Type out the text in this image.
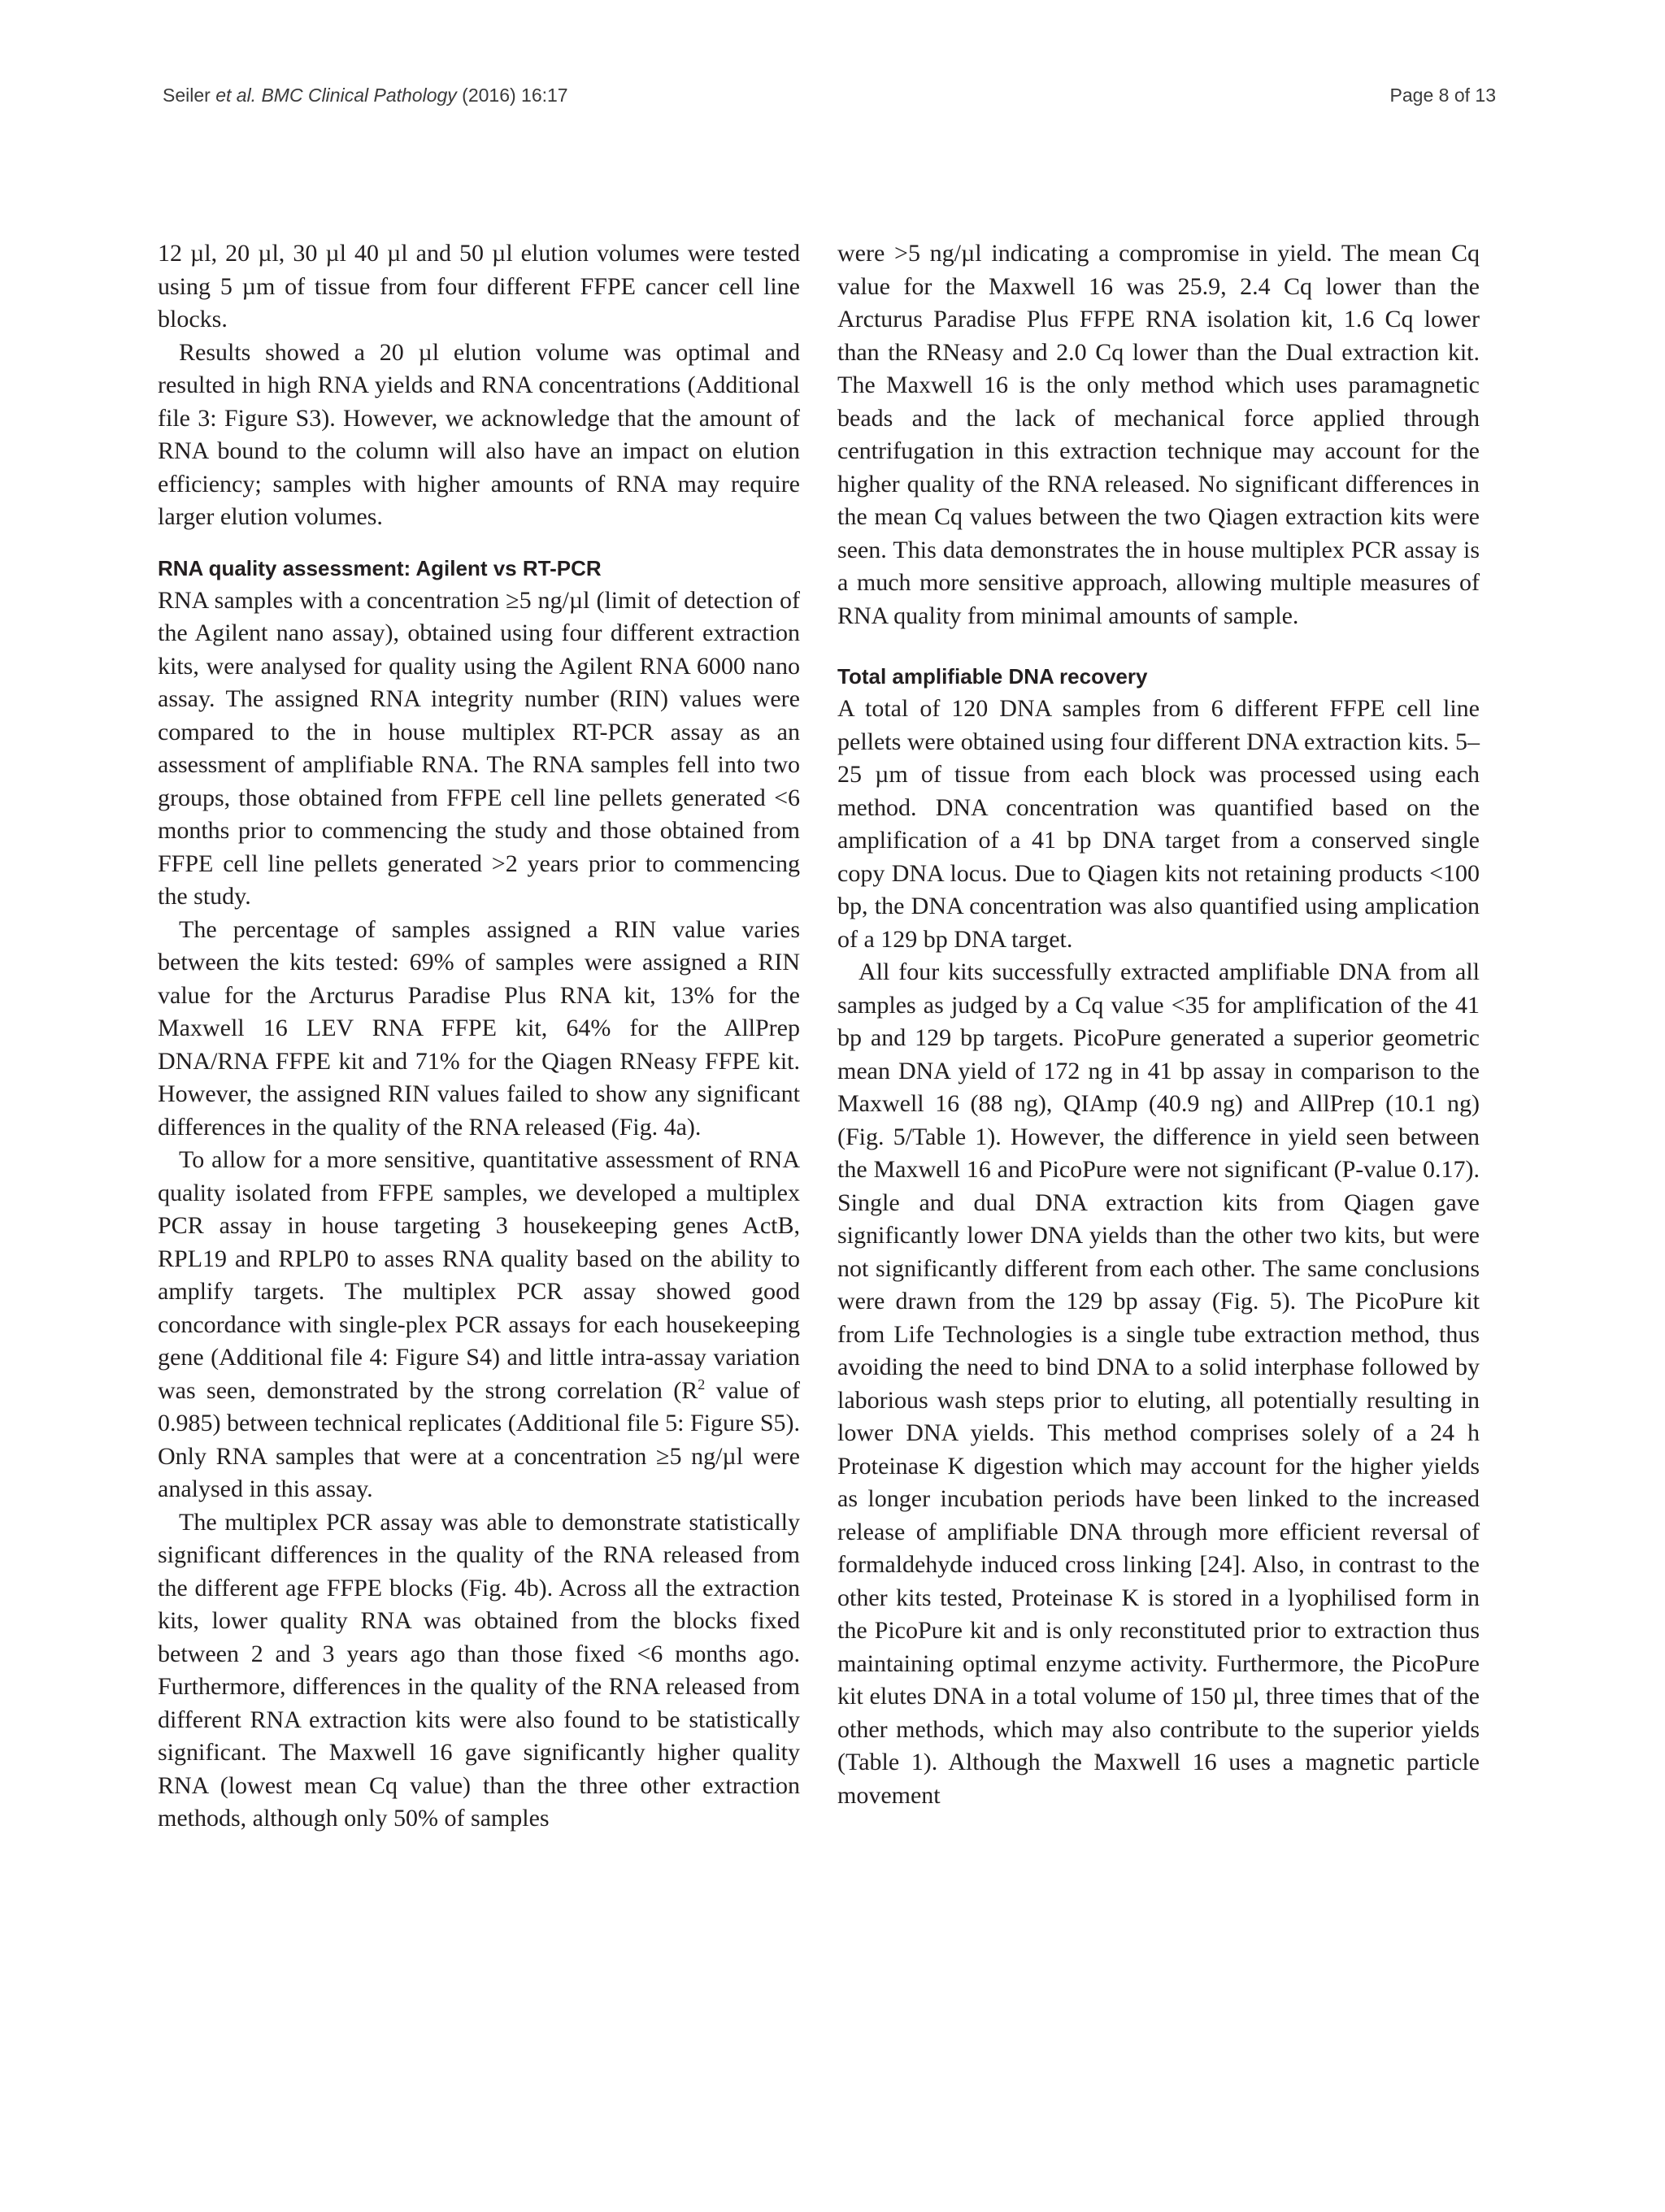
Seiler et al. BMC Clinical Pathology (2016) 16:17	Page 8 of 13

12 µl, 20 µl, 30 µl 40 µl and 50 µl elution volumes were tested using 5 µm of tissue from four different FFPE cancer cell line blocks.

Results showed a 20 µl elution volume was optimal and resulted in high RNA yields and RNA concentrations (Additional file 3: Figure S3). However, we acknowledge that the amount of RNA bound to the column will also have an impact on elution efficiency; samples with higher amounts of RNA may require larger elution volumes.

RNA quality assessment: Agilent vs RT-PCR

RNA samples with a concentration ≥5 ng/µl (limit of detection of the Agilent nano assay), obtained using four different extraction kits, were analysed for quality using the Agilent RNA 6000 nano assay. The assigned RNA integrity number (RIN) values were compared to the in house multiplex RT-PCR assay as an assessment of amplifiable RNA. The RNA samples fell into two groups, those obtained from FFPE cell line pellets generated <6 months prior to commencing the study and those obtained from FFPE cell line pellets generated >2 years prior to commencing the study.

The percentage of samples assigned a RIN value varies between the kits tested: 69% of samples were assigned a RIN value for the Arcturus Paradise Plus RNA kit, 13% for the Maxwell 16 LEV RNA FFPE kit, 64% for the AllPrep DNA/RNA FFPE kit and 71% for the Qiagen RNeasy FFPE kit. However, the assigned RIN values failed to show any significant differences in the quality of the RNA released (Fig. 4a).

To allow for a more sensitive, quantitative assessment of RNA quality isolated from FFPE samples, we developed a multiplex PCR assay in house targeting 3 housekeeping genes ActB, RPL19 and RPLP0 to asses RNA quality based on the ability to amplify targets. The multiplex PCR assay showed good concordance with single-plex PCR assays for each housekeeping gene (Additional file 4: Figure S4) and little intra-assay variation was seen, demonstrated by the strong correlation ($R^2$ value of 0.985) between technical replicates (Additional file 5: Figure S5). Only RNA samples that were at a concentration ≥5 ng/µl were analysed in this assay.

The multiplex PCR assay was able to demonstrate statistically significant differences in the quality of the RNA released from the different age FFPE blocks (Fig. 4b). Across all the extraction kits, lower quality RNA was obtained from the blocks fixed between 2 and 3 years ago than those fixed <6 months ago. Furthermore, differences in the quality of the RNA released from different RNA extraction kits were also found to be statistically significant. The Maxwell 16 gave significantly higher quality RNA (lowest mean Cq value) than the three other extraction methods, although only 50% of samples

were >5 ng/µl indicating a compromise in yield. The mean Cq value for the Maxwell 16 was 25.9, 2.4 Cq lower than the Arcturus Paradise Plus FFPE RNA isolation kit, 1.6 Cq lower than the RNeasy and 2.0 Cq lower than the Dual extraction kit. The Maxwell 16 is the only method which uses paramagnetic beads and the lack of mechanical force applied through centrifugation in this extraction technique may account for the higher quality of the RNA released. No significant differences in the mean Cq values between the two Qiagen extraction kits were seen. This data demonstrates the in house multiplex PCR assay is a much more sensitive approach, allowing multiple measures of RNA quality from minimal amounts of sample.

Total amplifiable DNA recovery

A total of 120 DNA samples from 6 different FFPE cell line pellets were obtained using four different DNA extraction kits. 5–25 µm of tissue from each block was processed using each method. DNA concentration was quantified based on the amplification of a 41 bp DNA target from a conserved single copy DNA locus. Due to Qiagen kits not retaining products <100 bp, the DNA concentration was also quantified using amplication of a 129 bp DNA target.

All four kits successfully extracted amplifiable DNA from all samples as judged by a Cq value <35 for amplification of the 41 bp and 129 bp targets. PicoPure generated a superior geometric mean DNA yield of 172 ng in 41 bp assay in comparison to the Maxwell 16 (88 ng), QIAmp (40.9 ng) and AllPrep (10.1 ng) (Fig. 5/Table 1). However, the difference in yield seen between the Maxwell 16 and PicoPure were not significant (P-value 0.17). Single and dual DNA extraction kits from Qiagen gave significantly lower DNA yields than the other two kits, but were not significantly different from each other. The same conclusions were drawn from the 129 bp assay (Fig. 5). The PicoPure kit from Life Technologies is a single tube extraction method, thus avoiding the need to bind DNA to a solid interphase followed by laborious wash steps prior to eluting, all potentially resulting in lower DNA yields. This method comprises solely of a 24 h Proteinase K digestion which may account for the higher yields as longer incubation periods have been linked to the increased release of amplifiable DNA through more efficient reversal of formaldehyde induced cross linking [24]. Also, in contrast to the other kits tested, Proteinase K is stored in a lyophilised form in the PicoPure kit and is only reconstituted prior to extraction thus maintaining optimal enzyme activity. Furthermore, the PicoPure kit elutes DNA in a total volume of 150 µl, three times that of the other methods, which may also contribute to the superior yields (Table 1). Although the Maxwell 16 uses a magnetic particle movement
